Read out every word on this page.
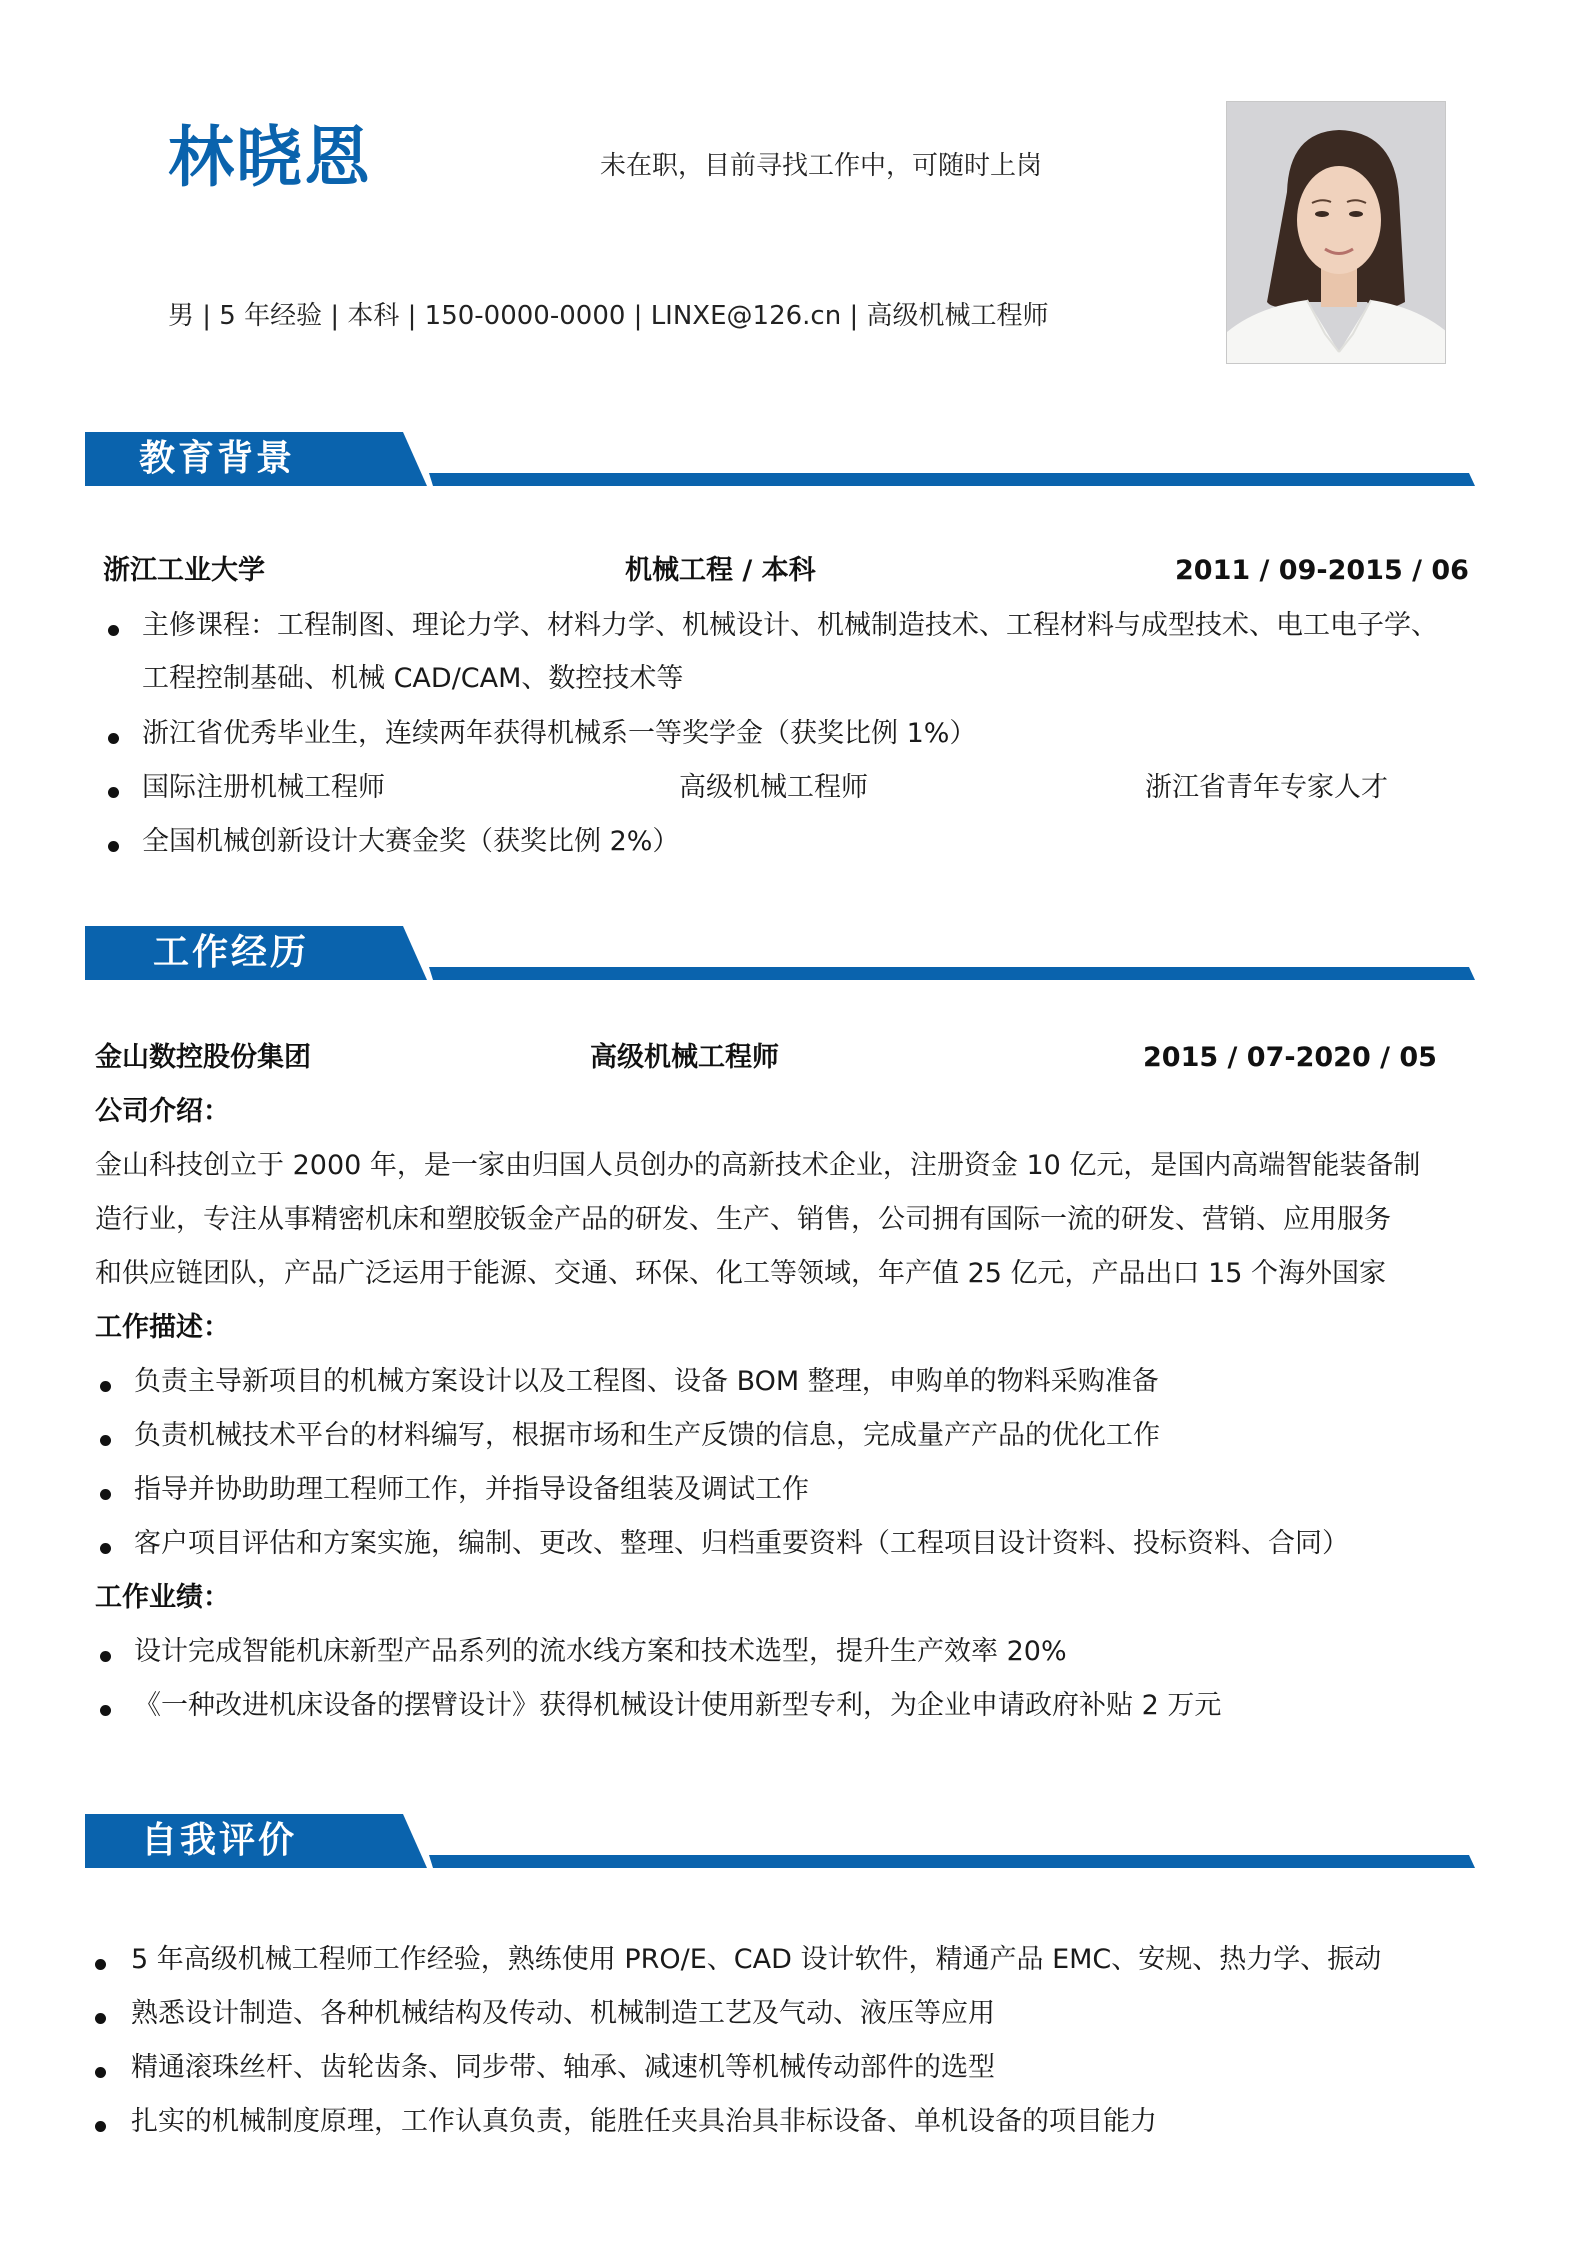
林晓恩	未在职，目前寻找工作中，可随时上岗
男 | 5 年经验 | 本科 | 150-0000-0000 | LINXE@126.cn | 高级机械工程师
教育背景
浙江工业大学	机械工程 / 本科	2011 / 09-2015 / 06
主修课程：工程制图、理论力学、材料力学、机械设计、机械制造技术、工程材料与成型技术、电工电子学、
工程控制基础、机械 CAD/CAM、数控技术等
浙江省优秀毕业生，连续两年获得机械系一等奖学金（获奖比例 1%）
国际注册机械工程师	高级机械工程师	浙江省青年专家人才
全国机械创新设计大赛金奖（获奖比例 2%）
工作经历
金山数控股份集团	高级机械工程师	2015 / 07-2020 / 05
公司介绍：
金山科技创立于 2000 年，是一家由归国人员创办的高新技术企业，注册资金 10 亿元，是国内高端智能装备制
造行业，专注从事精密机床和塑胶钣金产品的研发、生产、销售，公司拥有国际一流的研发、营销、应用服务
和供应链团队，产品广泛运用于能源、交通、环保、化工等领域，年产值 25 亿元，产品出口 15 个海外国家
工作描述：
负责主导新项目的机械方案设计以及工程图、设备 BOM 整理，申购单的物料采购准备
负责机械技术平台的材料编写，根据市场和生产反馈的信息，完成量产产品的优化工作
指导并协助助理工程师工作，并指导设备组装及调试工作
客户项目评估和方案实施，编制、更改、整理、归档重要资料（工程项目设计资料、投标资料、合同）
工作业绩：
设计完成智能机床新型产品系列的流水线方案和技术选型，提升生产效率 20%
《一种改进机床设备的摆臂设计》获得机械设计使用新型专利，为企业申请政府补贴 2 万元
自我评价
5 年高级机械工程师工作经验，熟练使用 PRO/E、CAD 设计软件，精通产品 EMC、安规、热力学、振动
熟悉设计制造、各种机械结构及传动、机械制造工艺及气动、液压等应用
精通滚珠丝杆、齿轮齿条、同步带、轴承、减速机等机械传动部件的选型
扎实的机械制度原理，工作认真负责，能胜任夹具治具非标设备、单机设备的项目能力
